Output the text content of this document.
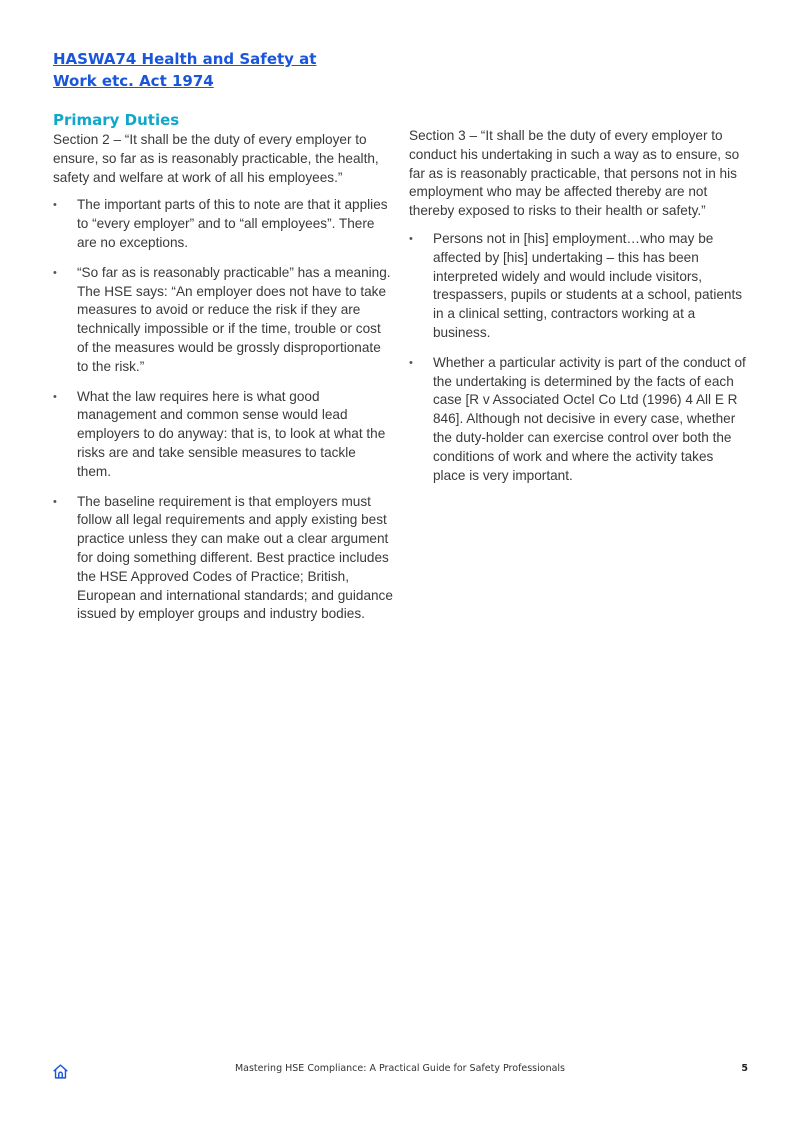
HASWA74 Health and Safety at Work etc. Act 1974
Primary Duties

Section 2 – “It shall be the duty of every employer to ensure, so far as is reasonably practicable, the health, safety and welfare at work of all his employees.”

• The important parts of this to note are that it applies to “every employer” and to “all employees”. There are no exceptions.
• “So far as is reasonably practicable” has a meaning. The HSE says: “An employer does not have to take measures to avoid or reduce the risk if they are technically impossible or if the time, trouble or cost of the measures would be grossly disproportionate to the risk.”
• What the law requires here is what good management and common sense would lead employers to do anyway: that is, to look at what the risks are and take sensible measures to tackle them.
• The baseline requirement is that employers must follow all legal requirements and apply existing best practice unless they can make out a clear argument for doing something different. Best practice includes the HSE Approved Codes of Practice; British, European and international standards; and guidance issued by employer groups and industry bodies.

Section 3 – “It shall be the duty of every employer to conduct his undertaking in such a way as to ensure, so far as is reasonably practicable, that persons not in his employment who may be affected thereby are not thereby exposed to risks to their health or safety.”

• Persons not in [his] employment…who may be affected by [his] undertaking – this has been interpreted widely and would include visitors, trespassers, pupils or students at a school, patients in a clinical setting, contractors working at a business.
• Whether a particular activity is part of the conduct of the undertaking is determined by the facts of each case [R v Associated Octel Co Ltd (1996) 4 All E R 846]. Although not decisive in every case, whether the duty-holder can exercise control over both the conditions of work and where the activity takes place is very important.
Mastering HSE Compliance: A Practical Guide for Safety Professionals	5
